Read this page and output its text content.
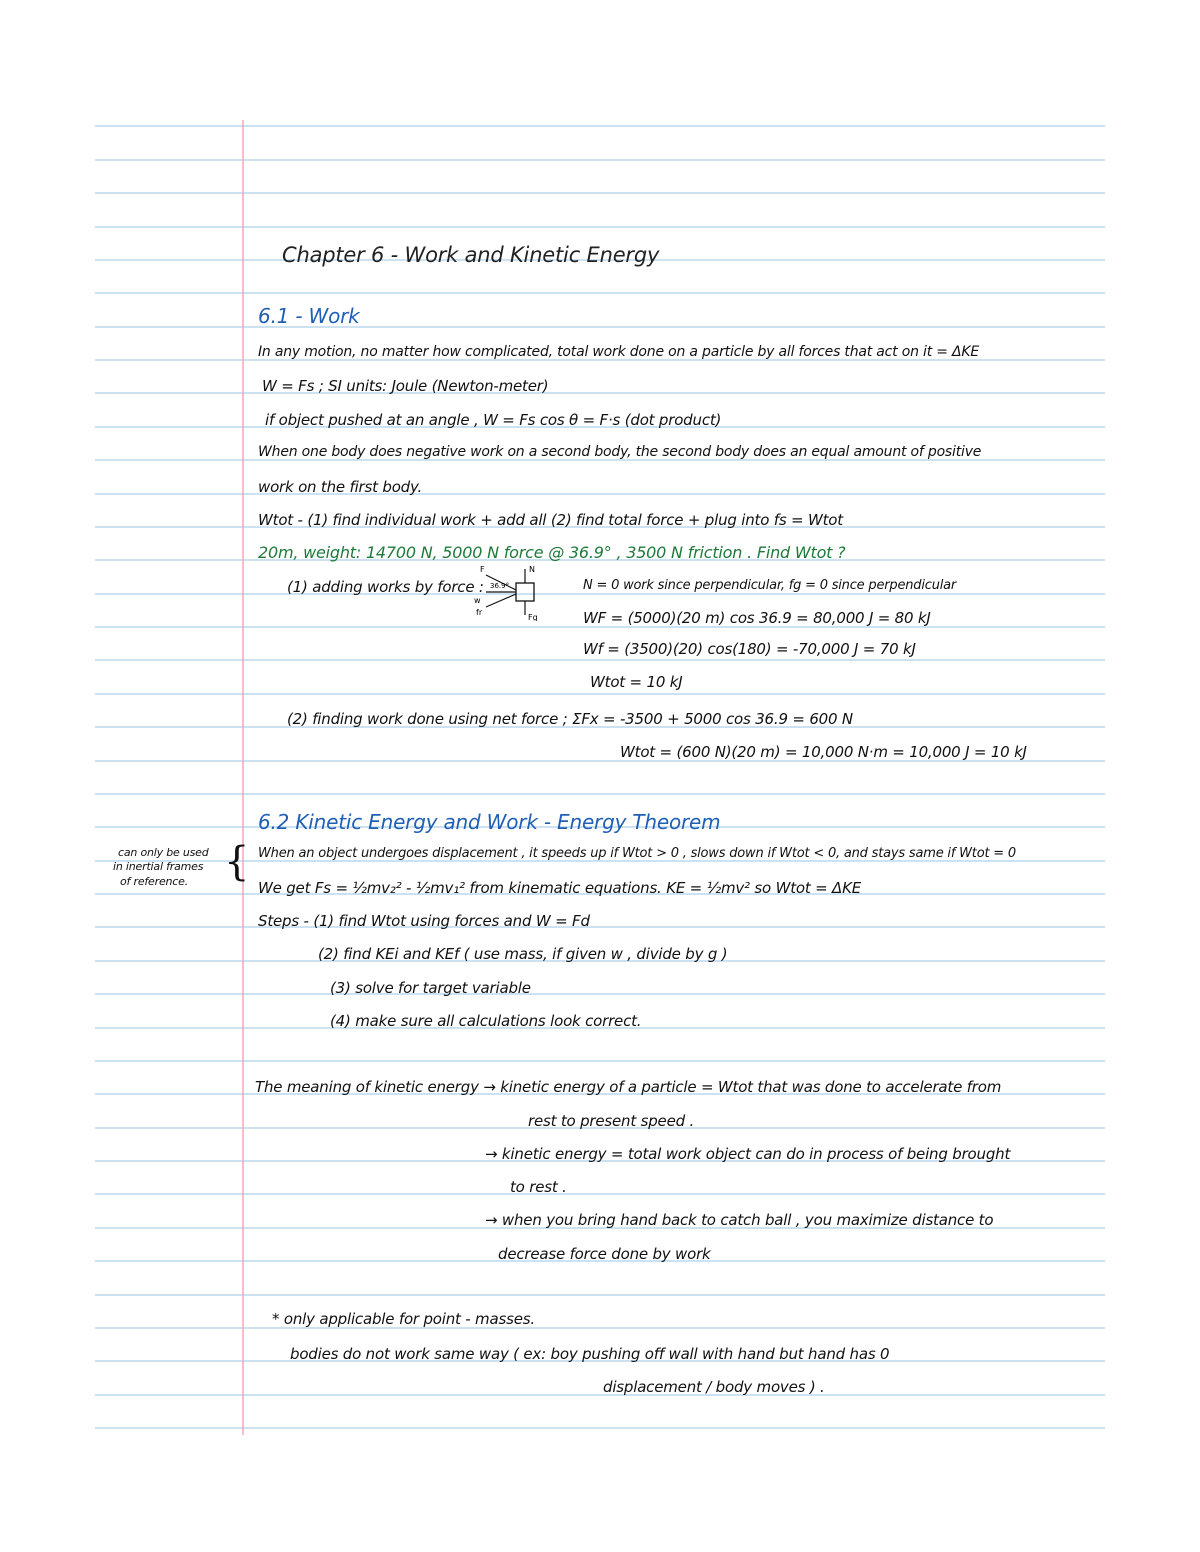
Chapter 6 - Work and Kinetic Energy
6.1 - Work
In any motion, no matter how complicated, total work done on a particle by all forces that act on it = ΔKE
W = Fs ; SI units: Joule (Newton-meter)
if object pushed at an angle , W = Fs cos θ = F·s (dot product)
When one body does negative work on a second body, the second body does an equal amount of positive
work on the first body.
Wtot - (1) find individual work + add all (2) find total force + plug into fs = Wtot
20m, weight: 14700 N, 5000 N force @ 36.9° , 3500 N friction . Find Wtot ?
(1) adding works by force :
F
36.9°
N
fr
w
Fg
N = 0 work since perpendicular, fg = 0 since perpendicular
WF = (5000)(20 m) cos 36.9 = 80,000 J = 80 kJ
Wf = (3500)(20) cos(180) = -70,000 J = 70 kJ
Wtot = 10 kJ
(2) finding work done using net force ; ΣFx = -3500 + 5000 cos 36.9 = 600 N
Wtot = (600 N)(20 m) = 10,000 N·m = 10,000 J = 10 kJ
6.2 Kinetic Energy and Work - Energy Theorem
can only be used
in inertial frames
of reference. { When an object undergoes displacement , it speeds up if Wtot > 0 , slows down if Wtot < 0, and stays same if Wtot = 0
We get Fs = ½mv₂² - ½mv₁² from kinematic equations. KE = ½mv² so Wtot = ΔKE
Steps - (1) find Wtot using forces and W = Fd
(2) find KEi and KEf ( use mass, if given w , divide by g )
(3) solve for target variable
(4) make sure all calculations look correct.
The meaning of kinetic energy → kinetic energy of a particle = Wtot that was done to accelerate from
rest to present speed .
→ kinetic energy = total work object can do in process of being brought
to rest .
→ when you bring hand back to catch ball , you maximize distance to
decrease force done by work
* only applicable for point - masses.
bodies do not work same way ( ex: boy pushing off wall with hand but hand has 0
displacement / body moves ) .
